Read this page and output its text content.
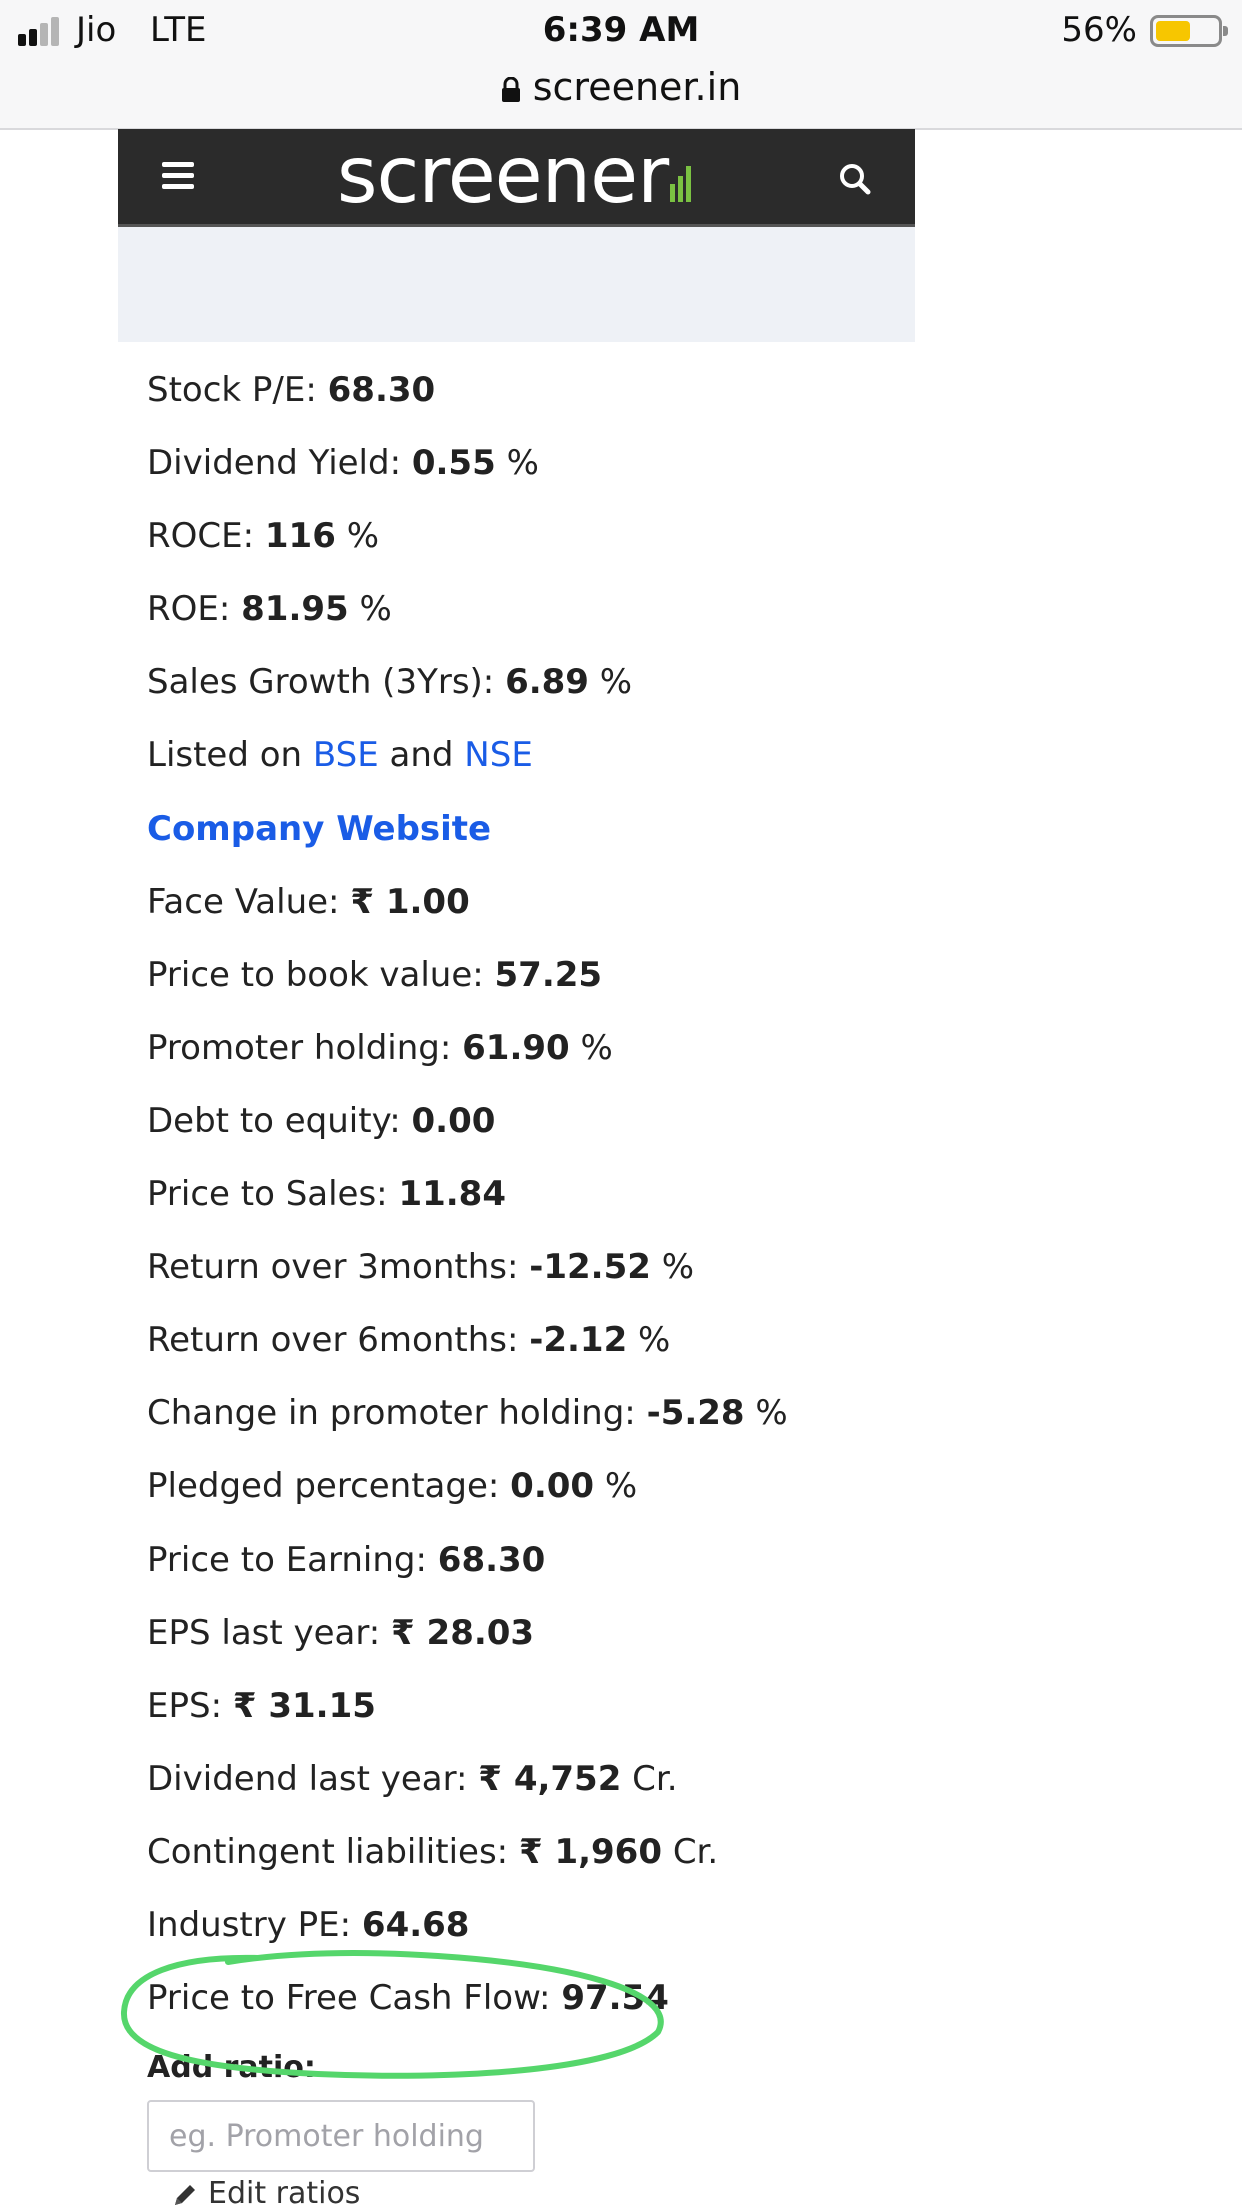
Jio LTE	6:39 AM	56%
screener.in
screener
Stock P/E: 68.30
Dividend Yield: 0.55 %
ROCE: 116 %
ROE: 81.95 %
Sales Growth (3Yrs): 6.89 %
Listed on BSE and NSE
Company Website
Face Value: ₹ 1.00
Price to book value: 57.25
Promoter holding: 61.90 %
Debt to equity: 0.00
Price to Sales: 11.84
Return over 3months: -12.52 %
Return over 6months: -2.12 %
Change in promoter holding: -5.28 %
Pledged percentage: 0.00 %
Price to Earning: 68.30
EPS last year: ₹ 28.03
EPS: ₹ 31.15
Dividend last year: ₹ 4,752 Cr.
Contingent liabilities: ₹ 1,960 Cr.
Industry PE: 64.68
Price to Free Cash Flow: 97.54
Add ratio:
eg. Promoter holding
Edit ratios
